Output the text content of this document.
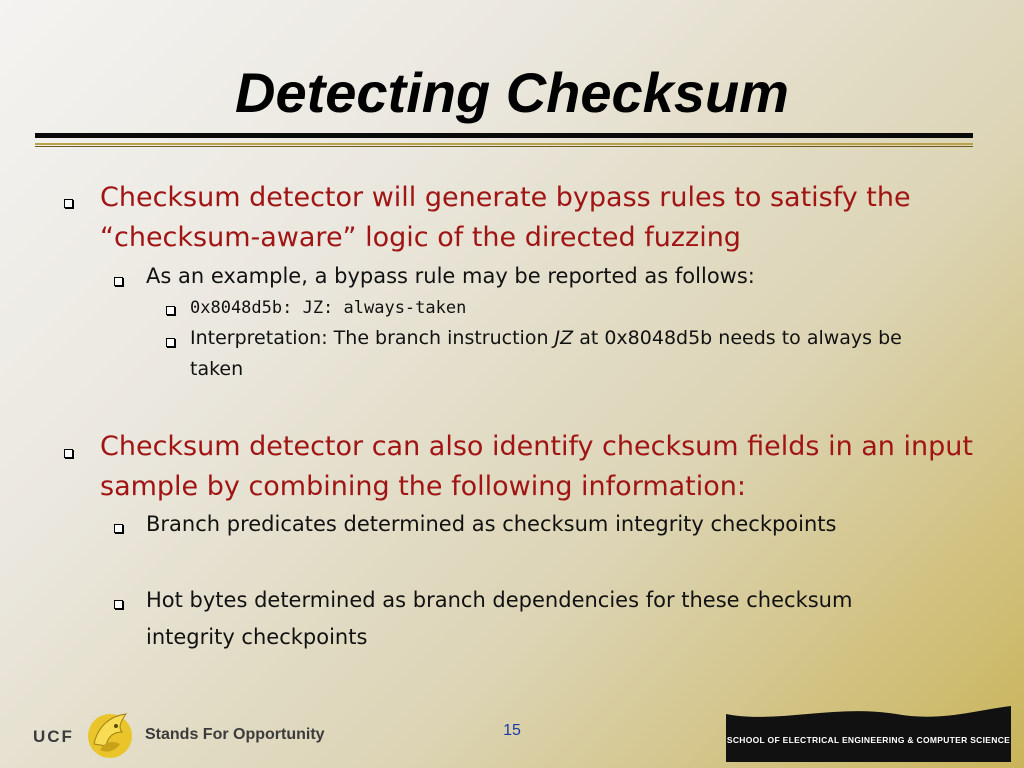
Detecting Checksum
Checksum detector will generate bypass rules to satisfy the “checksum-aware” logic of the directed fuzzing
As an example, a bypass rule may be reported as follows:
0x8048d5b: JZ: always-taken
Interpretation: The branch instruction JZ at 0x8048d5b needs to always be taken
Checksum detector can also identify checksum fields in an input sample by combining the following information:
Branch predicates determined as checksum integrity checkpoints
Hot bytes determined as branch dependencies for these checksum integrity checkpoints
UCF	Stands For Opportunity	15
SCHOOL OF ELECTRICAL ENGINEERING & COMPUTER SCIENCE
